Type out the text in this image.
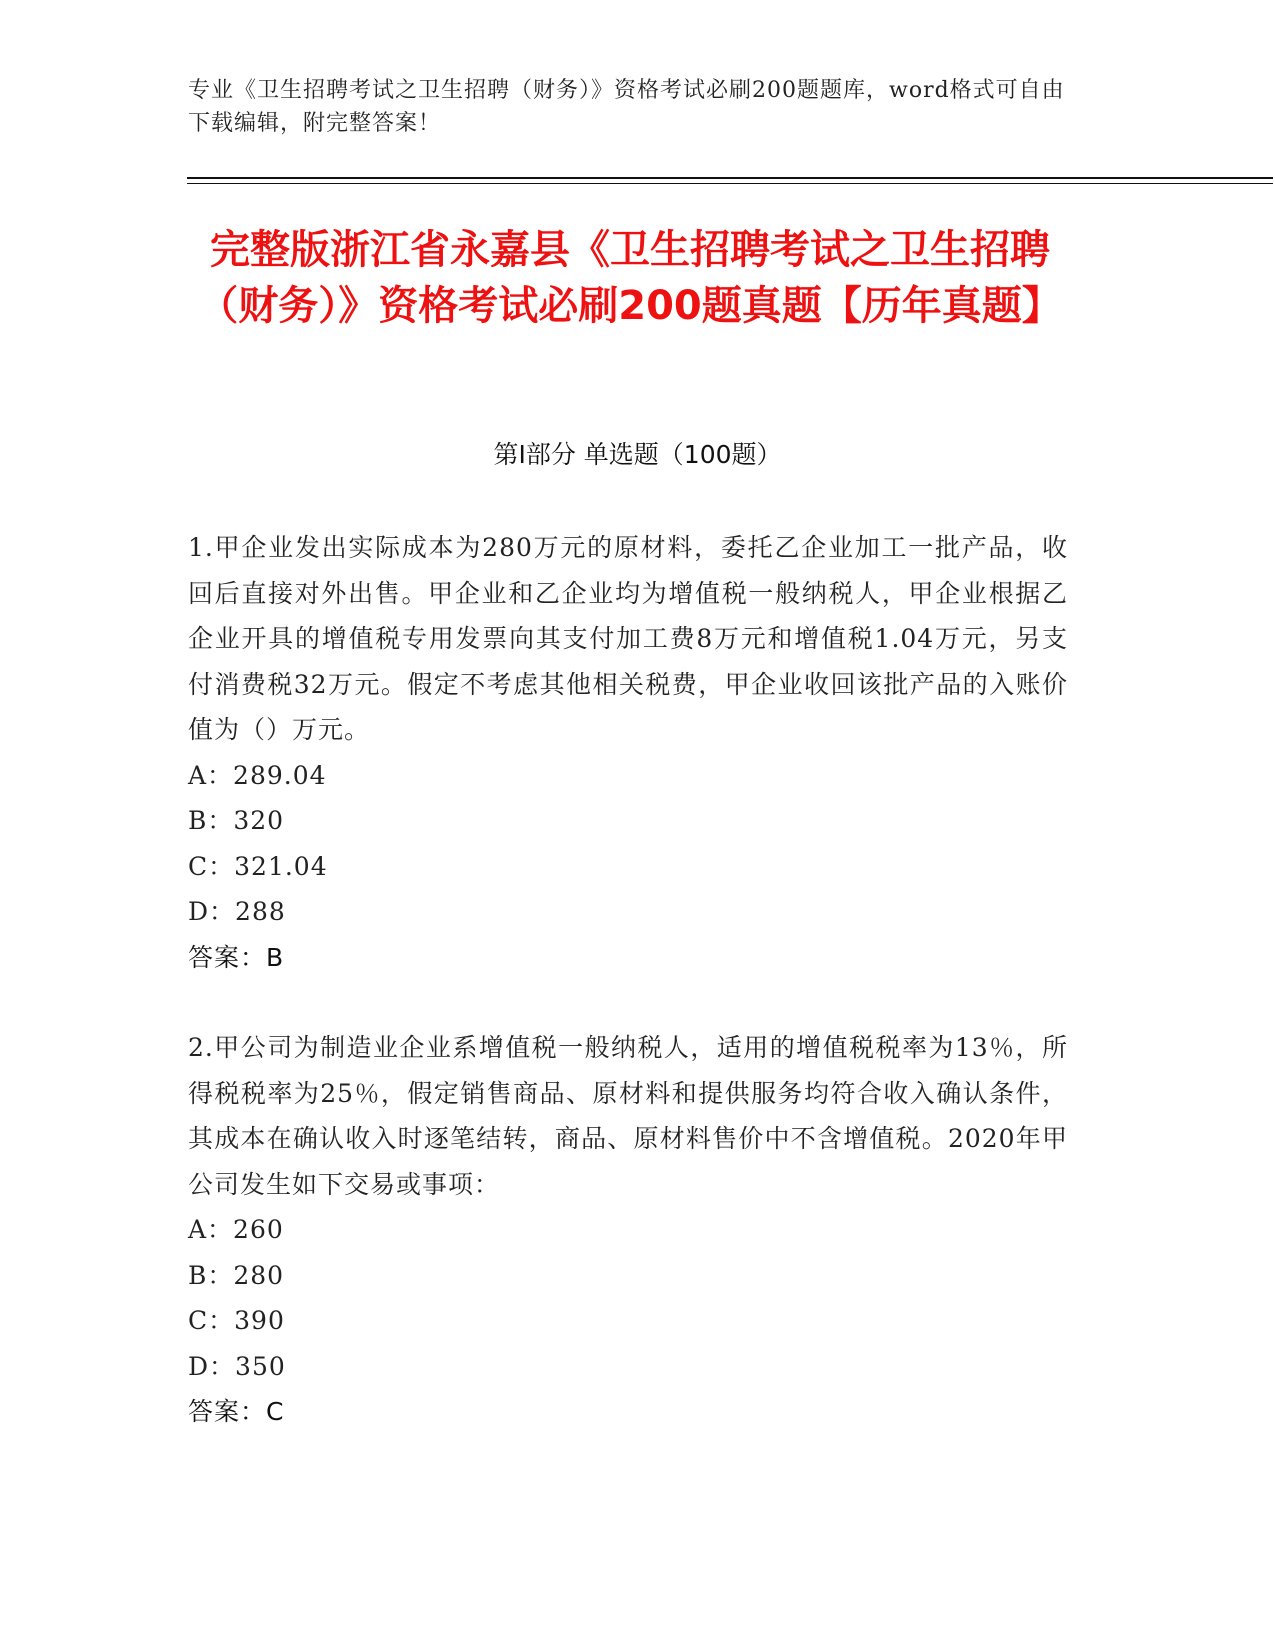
专业《卫生招聘考试之卫生招聘（财务）》资格考试必刷200题题库，word格式可自由下载编辑，附完整答案！
完整版浙江省永嘉县《卫生招聘考试之卫生招聘（财务）》资格考试必刷200题真题【历年真题】
第I部分 单选题（100题）

1.甲企业发出实际成本为280万元的原材料，委托乙企业加工一批产品，收回后直接对外出售。甲企业和乙企业均为增值税一般纳税人，甲企业根据乙企业开具的增值税专用发票向其支付加工费8万元和增值税1.04万元，另支付消费税32万元。假定不考虑其他相关税费，甲企业收回该批产品的入账价值为（）万元。

A：289.04

B：320

C：321.04

D：288

答案：B

2.甲公司为制造业企业系增值税一般纳税人，适用的增值税税率为13％，所得税税率为25％，假定销售商品、原材料和提供服务均符合收入确认条件，其成本在确认收入时逐笔结转，商品、原材料售价中不含增值税。2020年甲公司发生如下交易或事项：

A：260

B：280

C：390

D：350

答案：C
